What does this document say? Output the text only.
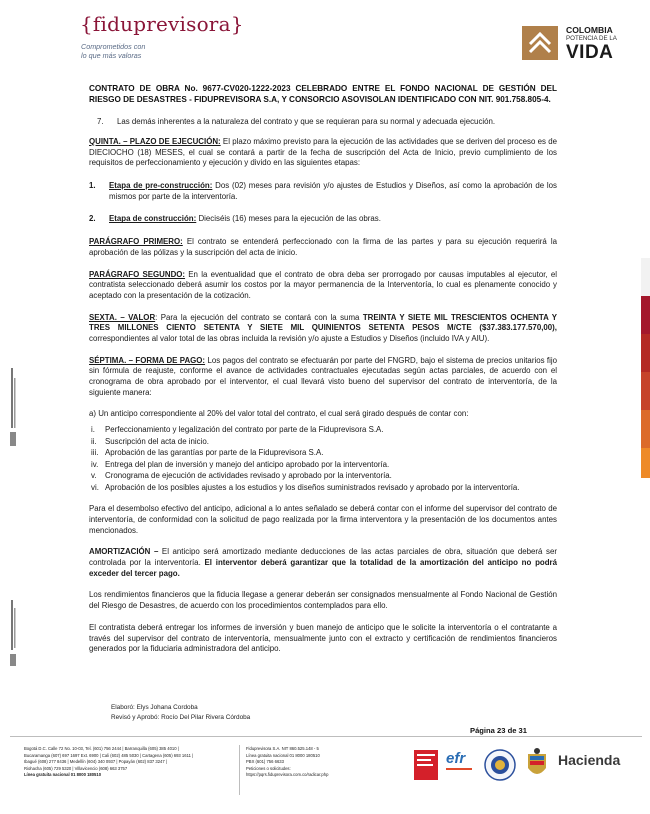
{fiduprevisora}
Comprometidos con
lo que más valoras
COLOMBIA
POTENCIA DE LA
VIDA

CONTRATO DE OBRA No. 9677-CV020-1222-2023 CELEBRADO ENTRE EL FONDO NACIONAL DE GESTIÓN DEL RIESGO DE DESASTRES - FIDUPREVISORA S.A, Y CONSORCIO ASOVISOLAN IDENTIFICADO CON NIT. 901.758.805-4.

7.	Las demás inherentes a la naturaleza del contrato y que se requieran para su normal y adecuada ejecución.

QUINTA. – PLAZO DE EJECUCIÓN: El plazo máximo previsto para la ejecución de las actividades que se deriven del proceso es de DIECIOCHO (18) MESES, el cual se contará a partir de la fecha de suscripción del Acta de Inicio, previo cumplimiento de los requisitos de perfeccionamiento y ejecución y divido en las siguientes etapas:

1.	Etapa de pre-construcción: Dos (02) meses para revisión y/o ajustes de Estudios y Diseños, así como la aprobación de los mismos por parte de la interventoría.
2.	Etapa de construcción: Dieciséis (16) meses para la ejecución de las obras.

PARÁGRAFO PRIMERO: El contrato se entenderá perfeccionado con la firma de las partes y para su ejecución requerirá la aprobación de las pólizas y la suscripción del acta de inicio.

PARÁGRAFO SEGUNDO: En la eventualidad que el contrato de obra deba ser prorrogado por causas imputables al ejecutor, el contratista seleccionado deberá asumir los costos por la mayor permanencia de la Interventoría, lo cual es plenamente conocido y aceptado con la presentación de la cotización.

SEXTA. – VALOR: Para la ejecución del contrato se contará con la suma TREINTA Y SIETE MIL TRESCIENTOS OCHENTA Y TRES MILLONES CIENTO SETENTA Y SIETE MIL QUINIENTOS SETENTA PESOS M/CTE ($37.383.177.570,00), correspondientes al valor total de las obras incluida la revisión y/o ajuste a Estudios y Diseños (incluido IVA y AIU).

SÉPTIMA. – FORMA DE PAGO: Los pagos del contrato se efectuarán por parte del FNGRD, bajo el sistema de precios unitarios fijo sin fórmula de reajuste, conforme el avance de actividades contractuales ejecutadas según actas parciales, de acuerdo con el cronograma de obra aprobado por el interventor, el cual llevará visto bueno del supervisor del contrato de interventoría, de la siguiente manera:

a) Un anticipo correspondiente al 20% del valor total del contrato, el cual será girado después de contar con:

i.	Perfeccionamiento y legalización del contrato por parte de la Fiduprevisora S.A.
ii.	Suscripción del acta de inicio.
iii. Aprobación de las garantías por parte de la Fiduprevisora S.A.
iv. Entrega del plan de inversión y manejo del anticipo aprobado por la interventoría.
v.	Cronograma de ejecución de actividades revisado y aprobado por la interventoría.
vi. Aprobación de los posibles ajustes a los estudios y los diseños suministrados revisado y aprobado por la interventoría.

Para el desembolso efectivo del anticipo, adicional a lo antes señalado se deberá contar con el informe del supervisor del contrato de interventoría, de conformidad con la solicitud de pago realizada por la firma interventora y la presentación de los documentos antes mencionados.

AMORTIZACIÓN – El anticipo será amortizado mediante deducciones de las actas parciales de obra, situación que deberá ser controlada por la interventoría. El interventor deberá garantizar que la totalidad de la amortización del anticipo no podrá exceder del tercer pago.

Los rendimientos financieros que la fiducia llegase a generar deberán ser consignados mensualmente al Fondo Nacional de Gestión del Riesgo de Desastres, de acuerdo con los procedimientos contemplados para ello.

El contratista deberá entregar los informes de inversión y buen manejo de anticipo que le solicite la interventoría o el contratante a través del supervisor del contrato de interventoría, mensualmente junto con el extracto y certificación de rendimientos financieros generados por la fiduciaria administradora del anticipo.

Elaboró: Elys Johana Cordoba
Revisó y Aprobó: Rocío Del Pilar Rivera Córdoba
Página 23 de 31
Bogotá D.C. Calle 72 No. 10-03, Tel. (601) 756 2444 | Barranquilla (605) 385 4010 |
Bucaramanga (607) 697 1697 Ext. 6900 | Cali (602) 485 5030 | Cartagena (605) 693 1611 |
Ibagué (608) 277 8436 | Medellín (604) 340 0937 | Popayán (602) 837 3247 |
Riohacha (605) 729 5320 | Villavicencio (608) 663 3757
Línea gratuita nacional 01 8000 180510
Fiduprevisora S.A. NIT 860.525.148 - 5
Línea gratuita nacional 01 8000 180510
PBX (601) 756 6633
Peticiones o solicitudes:
https://pqrs.fiduprevisora.com.co/radicar.php
efr	Hacienda
